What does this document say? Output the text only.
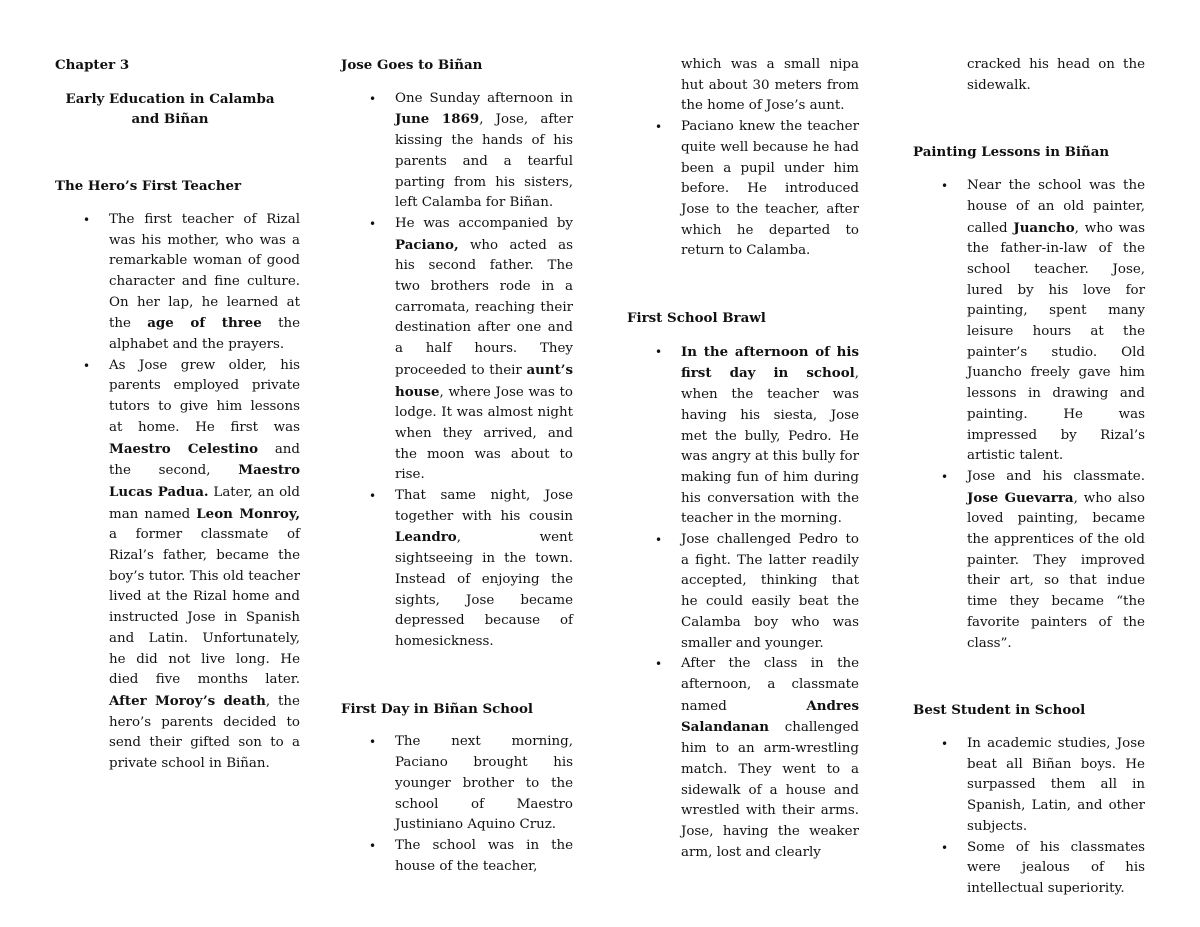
Chapter 3
Early Education in Calamba and Biñan
The Hero’s First Teacher
• The first teacher of Rizal was his mother, who was a remarkable woman of good character and fine culture. On her lap, he learned at the age of three the alphabet and the prayers.
• As Jose grew older, his parents employed private tutors to give him lessons at home. He first was Maestro Celestino and the second, Maestro Lucas Padua. Later, an old man named Leon Monroy, a former classmate of Rizal’s father, became the boy’s tutor. This old teacher lived at the Rizal home and instructed Jose in Spanish and Latin. Unfortunately, he did not live long. He died five months later. After Moroy’s death, the hero’s parents decided to send their gifted son to a private school in Biñan.
Jose Goes to Biñan
• One Sunday afternoon in June 1869, Jose, after kissing the hands of his parents and a tearful parting from his sisters, left Calamba for Biñan.
• He was accompanied by Paciano, who acted as his second father. The two brothers rode in a carromata, reaching their destination after one and a half hours. They proceeded to their aunt’s house, where Jose was to lodge. It was almost night when they arrived, and the moon was about to rise.
• That same night, Jose together with his cousin Leandro, went sightseeing in the town. Instead of enjoying the sights, Jose became depressed because of homesickness.
First Day in Biñan School
• The next morning, Paciano brought his younger brother to the school of Maestro Justiniano Aquino Cruz.
• The school was in the house of the teacher,

which was a small nipa hut about 30 meters from the home of Jose’s aunt.

• Paciano knew the teacher quite well because he had been a pupil under him before. He introduced Jose to the teacher, after which he departed to return to Calamba.
First School Brawl
• In the afternoon of his first day in school, when the teacher was having his siesta, Jose met the bully, Pedro. He was angry at this bully for making fun of him during his conversation with the teacher in the morning.
• Jose challenged Pedro to a fight. The latter readily accepted, thinking that he could easily beat the Calamba boy who was smaller and younger.
• After the class in the afternoon, a classmate named Andres Salandanan challenged him to an arm-wrestling match. They went to a sidewalk of a house and wrestled with their arms. Jose, having the weaker arm, lost and clearly

cracked his head on the sidewalk.

Painting Lessons in Biñan
• Near the school was the house of an old painter, called Juancho, who was the father-in-law of the school teacher. Jose, lured by his love for painting, spent many leisure hours at the painter’s studio. Old Juancho freely gave him lessons in drawing and painting. He was impressed by Rizal’s artistic talent.
• Jose and his classmate. Jose Guevarra, who also loved painting, became the apprentices of the old painter. They improved their art, so that indue time they became “the favorite painters of the class”.
Best Student in School
• In academic studies, Jose beat all Biñan boys. He surpassed them all in Spanish, Latin, and other subjects.
• Some of his classmates were jealous of his intellectual superiority.
